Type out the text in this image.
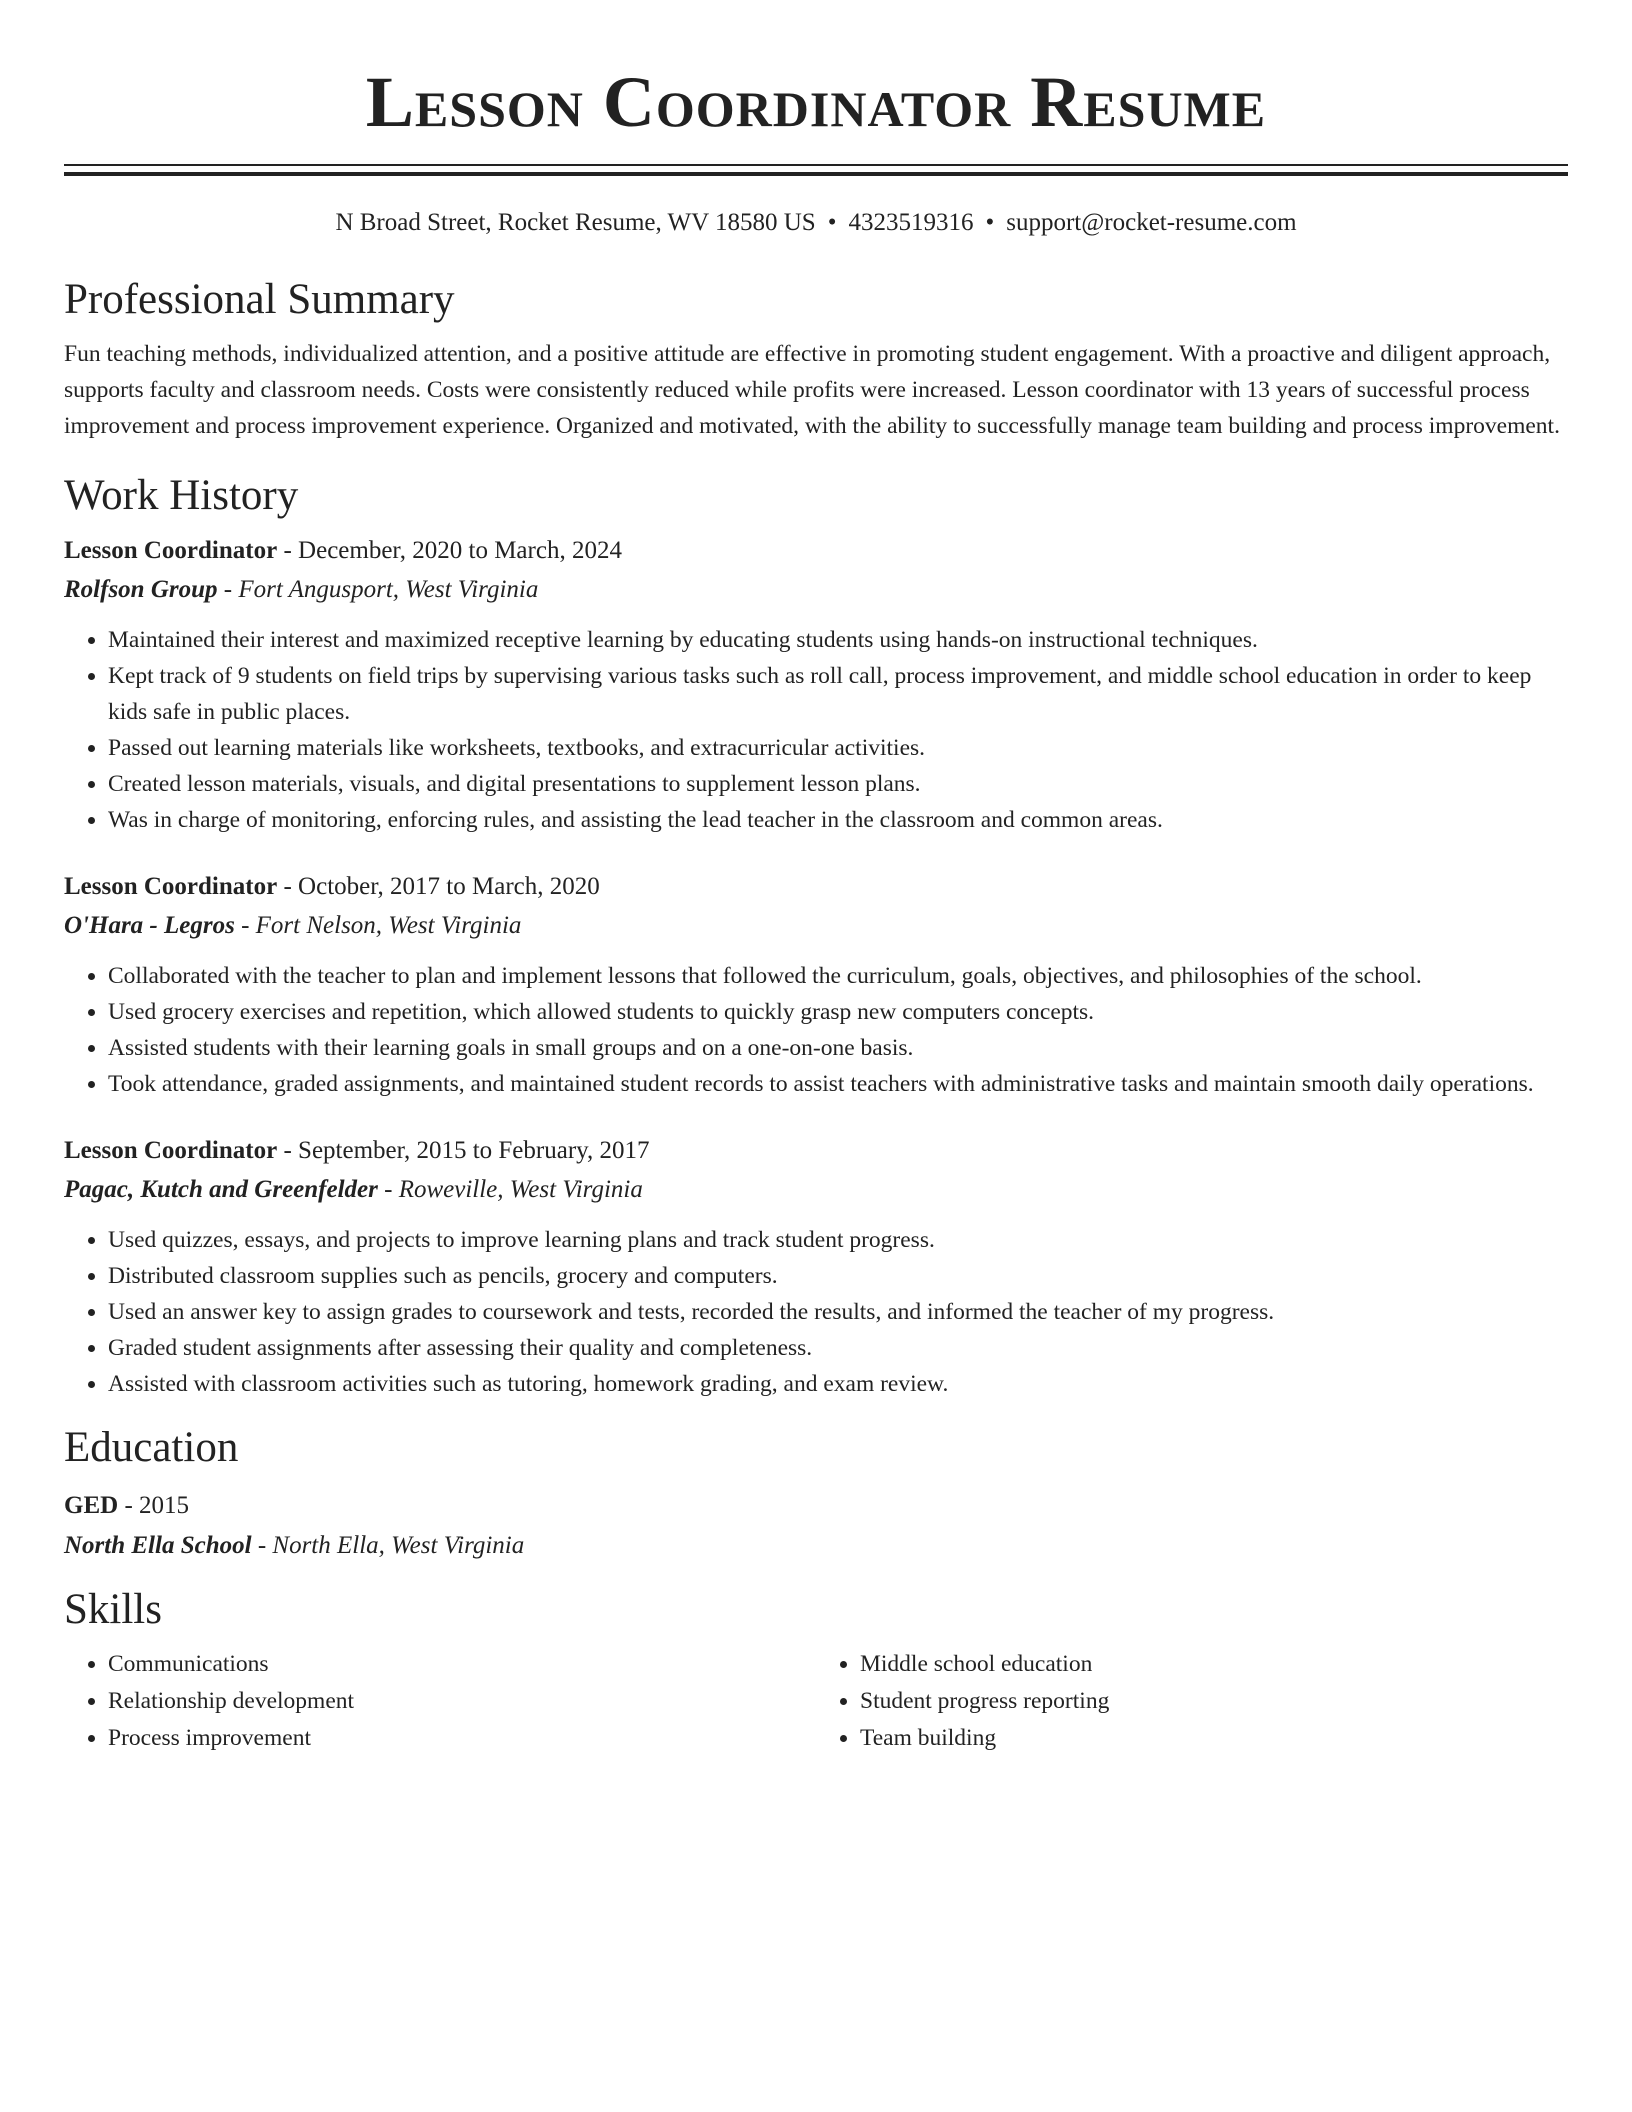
Lesson Coordinator Resume
N Broad Street, Rocket Resume, WV 18580 US • 4323519316 • support@rocket-resume.com
Professional Summary

Fun teaching methods, individualized attention, and a positive attitude are effective in promoting student engagement. With a proactive and diligent approach, supports faculty and classroom needs. Costs were consistently reduced while profits were increased. Lesson coordinator with 13 years of successful process improvement and process improvement experience. Organized and motivated, with the ability to successfully manage team building and process improvement.

Work History
Lesson Coordinator - December, 2020 to March, 2024
Rolfson Group - Fort Angusport, West Virginia
• Maintained their interest and maximized receptive learning by educating students using hands-on instructional techniques.
• Kept track of 9 students on field trips by supervising various tasks such as roll call, process improvement, and middle school education in order to keep kids safe in public places.
• Passed out learning materials like worksheets, textbooks, and extracurricular activities.
• Created lesson materials, visuals, and digital presentations to supplement lesson plans.
• Was in charge of monitoring, enforcing rules, and assisting the lead teacher in the classroom and common areas.
Lesson Coordinator - October, 2017 to March, 2020
O'Hara - Legros - Fort Nelson, West Virginia
• Collaborated with the teacher to plan and implement lessons that followed the curriculum, goals, objectives, and philosophies of the school.
• Used grocery exercises and repetition, which allowed students to quickly grasp new computers concepts.
• Assisted students with their learning goals in small groups and on a one-on-one basis.
• Took attendance, graded assignments, and maintained student records to assist teachers with administrative tasks and maintain smooth daily operations.
Lesson Coordinator - September, 2015 to February, 2017
Pagac, Kutch and Greenfelder - Roweville, West Virginia
• Used quizzes, essays, and projects to improve learning plans and track student progress.
• Distributed classroom supplies such as pencils, grocery and computers.
• Used an answer key to assign grades to coursework and tests, recorded the results, and informed the teacher of my progress.
• Graded student assignments after assessing their quality and completeness.
• Assisted with classroom activities such as tutoring, homework grading, and exam review.
Education
GED - 2015
North Ella School - North Ella, West Virginia
Skills
• Communications
• Relationship development
• Process improvement
• Middle school education
• Student progress reporting
• Team building
